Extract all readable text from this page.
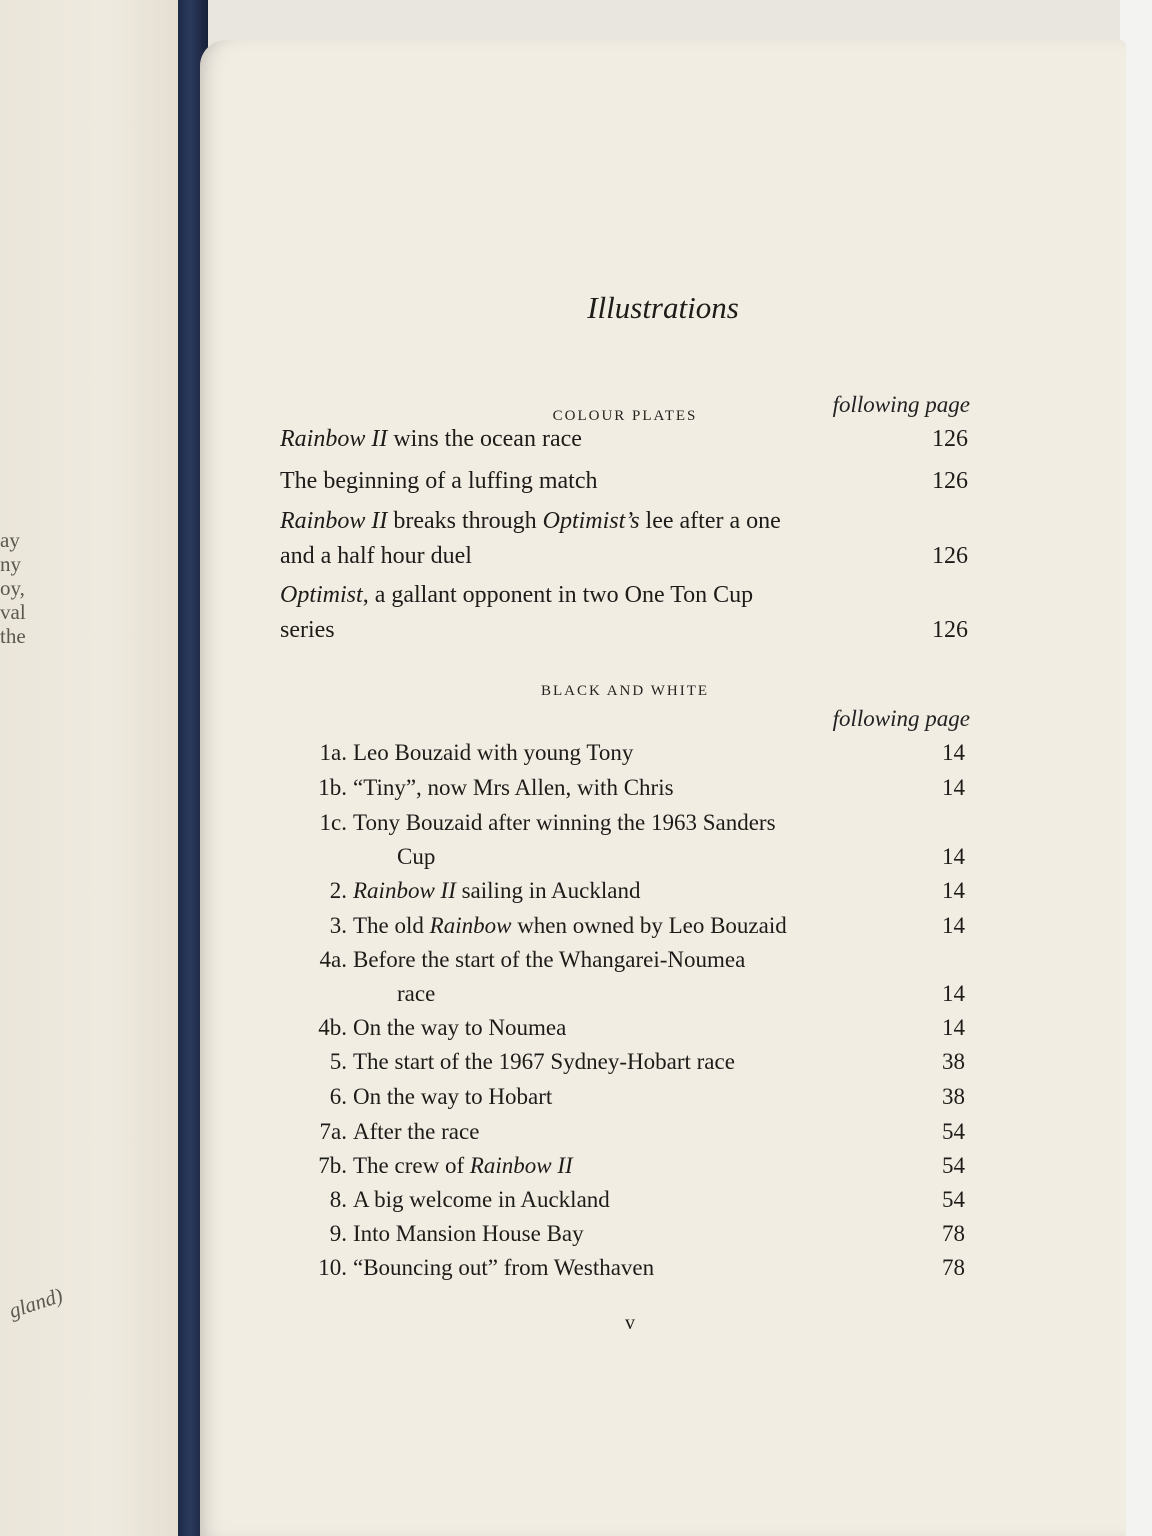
ay
ny
oy,
val
the
gland)
Illustrations
COLOUR PLATES	following page
Rainbow II wins the ocean race	126
The beginning of a luffing match	126
Rainbow II breaks through Optimist’s lee after a one
and a half hour duel	126
Optimist, a gallant opponent in two One Ton Cup
series	126
BLACK AND WHITE
following page
1a. Leo Bouzaid with young Tony	14
1b. “Tiny”, now Mrs Allen, with Chris	14
1c. Tony Bouzaid after winning the 1963 Sanders
Cup	14
2. Rainbow II sailing in Auckland	14
3. The old Rainbow when owned by Leo Bouzaid	14
4a. Before the start of the Whangarei-Noumea
race	14
4b. On the way to Noumea	14
5. The start of the 1967 Sydney-Hobart race	38
6. On the way to Hobart	38
7a. After the race	54
7b. The crew of Rainbow II	54
8. A big welcome in Auckland	54
9. Into Mansion House Bay	78
10. “Bouncing out” from Westhaven	78
v
